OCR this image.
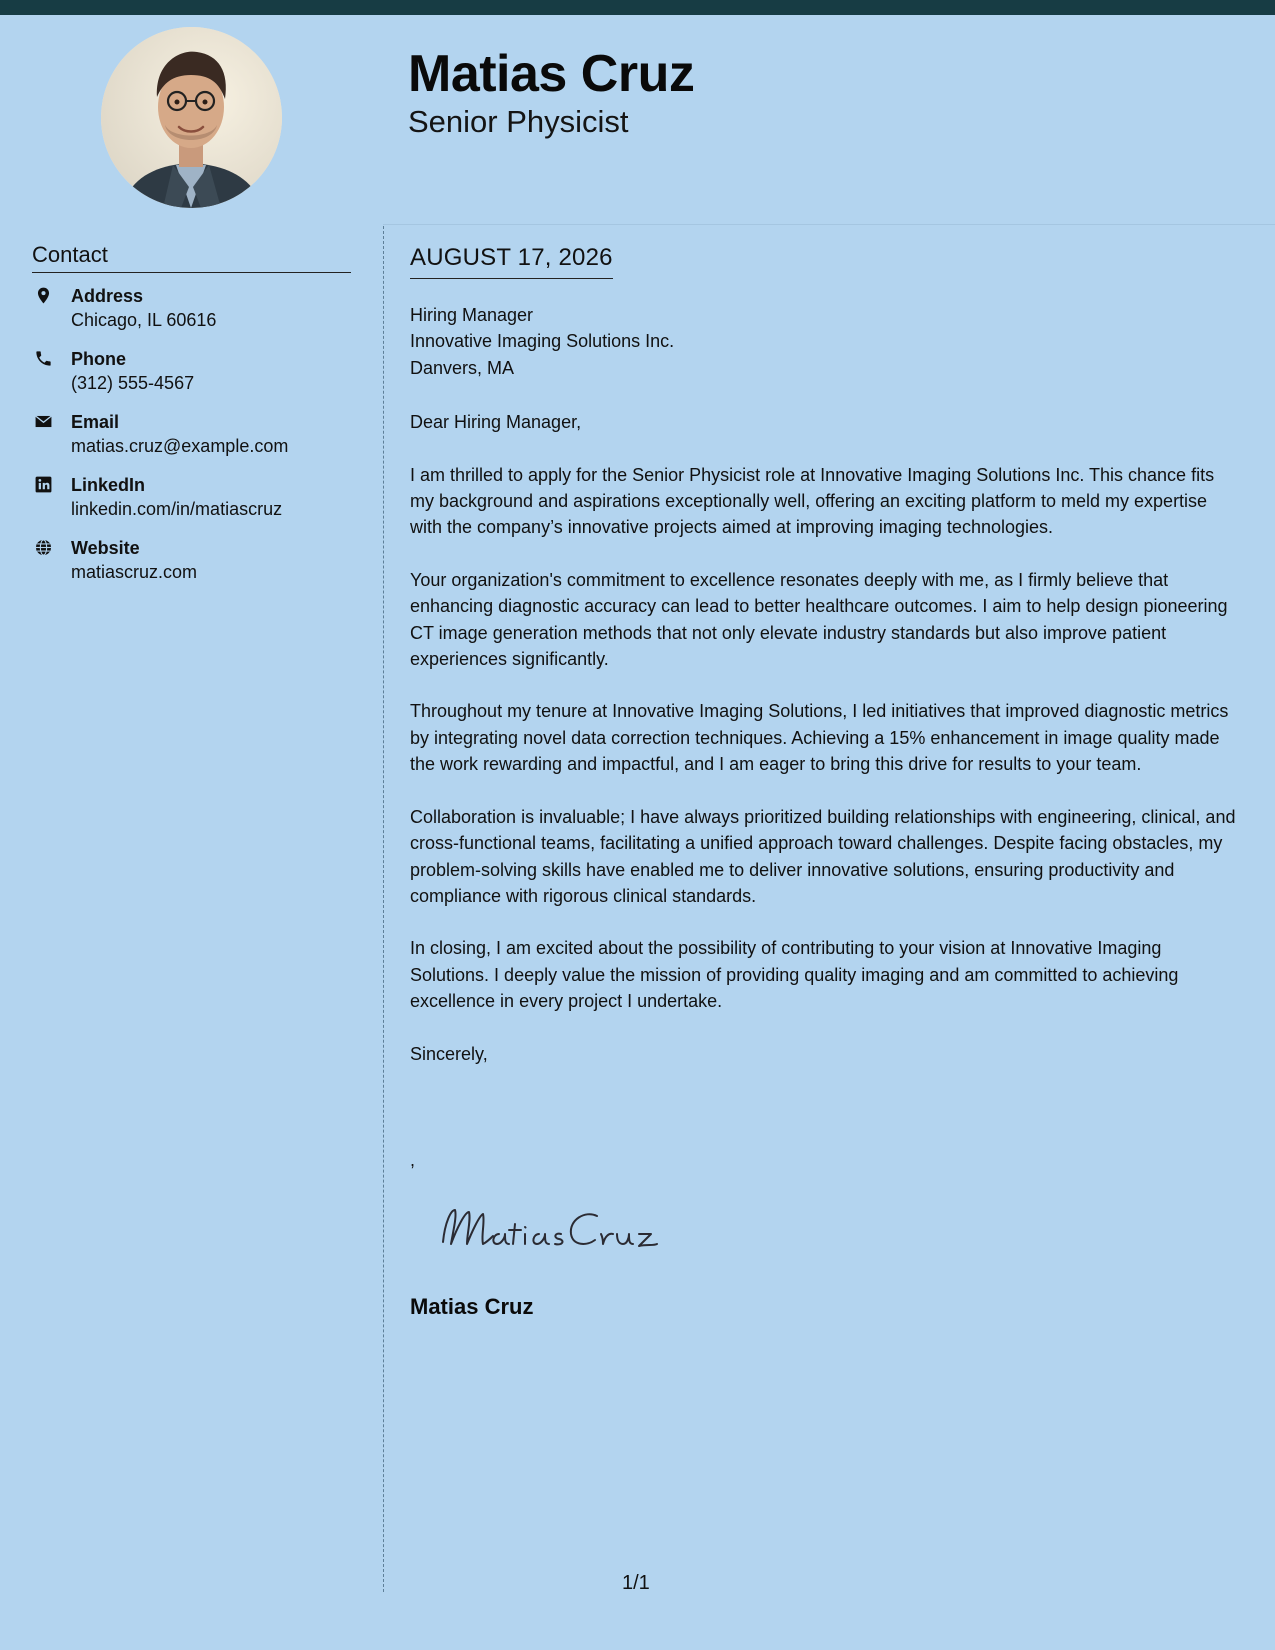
Matias Cruz
Senior Physicist
Contact
Address
Chicago, IL 60616
Phone
(312) 555-4567
Email
matias.cruz@example.com
LinkedIn
linkedin.com/in/matiascruz
Website
matiascruz.com
AUGUST 17, 2026
Hiring Manager
Innovative Imaging Solutions Inc.
Danvers, MA

Dear Hiring Manager,

I am thrilled to apply for the Senior Physicist role at Innovative Imaging Solutions Inc. This chance fits my background and aspirations exceptionally well, offering an exciting platform to meld my expertise with the company’s innovative projects aimed at improving imaging technologies.

Your organization's commitment to excellence resonates deeply with me, as I firmly believe that enhancing diagnostic accuracy can lead to better healthcare outcomes. I aim to help design pioneering CT image generation methods that not only elevate industry standards but also improve patient experiences significantly.

Throughout my tenure at Innovative Imaging Solutions, I led initiatives that improved diagnostic metrics by integrating novel data correction techniques. Achieving a 15% enhancement in image quality made the work rewarding and impactful, and I am eager to bring this drive for results to your team.

Collaboration is invaluable; I have always prioritized building relationships with engineering, clinical, and cross-functional teams, facilitating a unified approach toward challenges. Despite facing obstacles, my problem-solving skills have enabled me to deliver innovative solutions, ensuring productivity and compliance with rigorous clinical standards.

In closing, I am excited about the possibility of contributing to your vision at Innovative Imaging Solutions. I deeply value the mission of providing quality imaging and am committed to achieving excellence in every project I undertake.

Sincerely,

,
Matias Cruz
1/1
